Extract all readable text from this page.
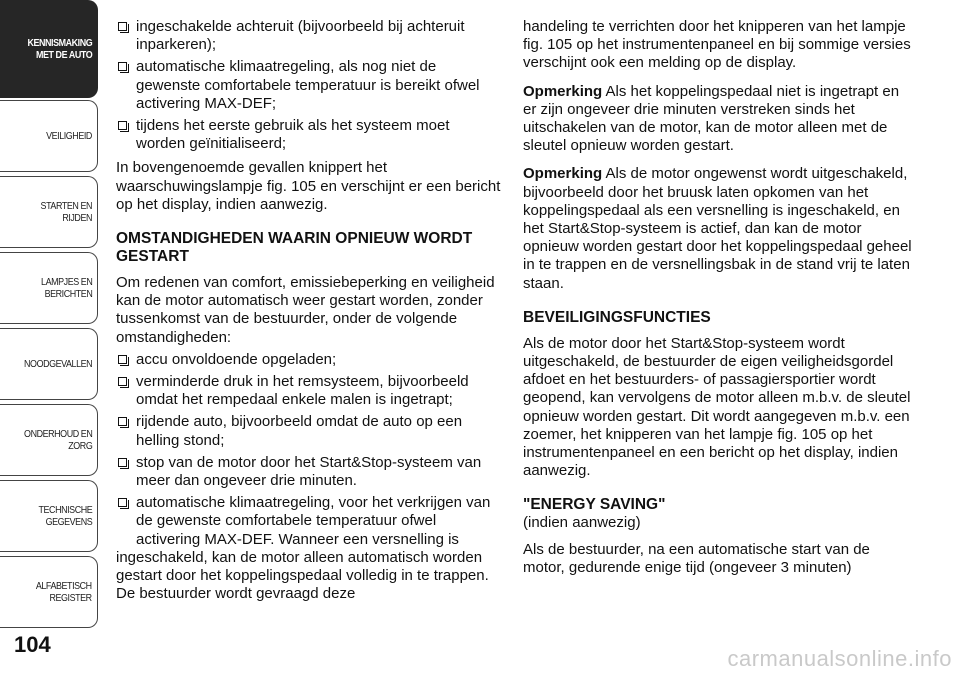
KENNISMAKING
MET DE AUTO
VEILIGHEID
STARTEN EN RIJDEN
LAMPJES EN
BERICHTEN
NOODGEVALLEN
ONDERHOUD EN
ZORG
TECHNISCHE
GEGEVENS
ALFABETISCH
REGISTER
104
ingeschakelde achteruit (bijvoorbeeld bij achteruit inparkeren);
automatische klimaatregeling, als nog niet de gewenste comfortabele temperatuur is bereikt ofwel activering MAX-DEF;
tijdens het eerste gebruik als het systeem moet worden geïnitialiseerd;

In bovengenoemde gevallen knippert het waarschuwingslampje fig. 105 en verschijnt er een bericht op het display, indien aanwezig.

OMSTANDIGHEDEN WAARIN OPNIEUW WORDT GESTART

Om redenen van comfort, emissiebeperking en veiligheid kan de motor automatisch weer gestart worden, zonder tussenkomst van de bestuurder, onder de volgende omstandigheden:

accu onvoldoende opgeladen;
verminderde druk in het remsysteem, bijvoorbeeld omdat het rempedaal enkele malen is ingetrapt;
rijdende auto, bijvoorbeeld omdat de auto op een helling stond;
stop van de motor door het Start&Stop-systeem van meer dan ongeveer drie minuten.
automatische klimaatregeling, voor het verkrijgen van de gewenste comfortabele temperatuur ofwel activering MAX-DEF. Wanneer een versnelling is

ingeschakeld, kan de motor alleen automatisch worden gestart door het koppelingspedaal volledig in te trappen. De bestuurder wordt gevraagd deze

handeling te verrichten door het knipperen van het lampje fig. 105 op het instrumentenpaneel en bij sommige versies verschijnt ook een melding op de display.

Opmerking Als het koppelingspedaal niet is ingetrapt en er zijn ongeveer drie minuten verstreken sinds het uitschakelen van de motor, kan de motor alleen met de sleutel opnieuw worden gestart.

Opmerking Als de motor ongewenst wordt uitgeschakeld, bijvoorbeeld door het bruusk laten opkomen van het koppelingspedaal als een versnelling is ingeschakeld, en het Start&Stop-systeem is actief, dan kan de motor opnieuw worden gestart door het koppelingspedaal geheel in te trappen en de versnellingsbak in de stand vrij te laten staan.

BEVEILIGINGSFUNCTIES

Als de motor door het Start&Stop-systeem wordt uitgeschakeld, de bestuurder de eigen veiligheidsgordel afdoet en het bestuurders- of passagiersportier wordt geopend, kan vervolgens de motor alleen m.b.v. de sleutel opnieuw worden gestart. Dit wordt aangegeven m.b.v. een zoemer, het knipperen van het lampje fig. 105 op het instrumentenpaneel en een bericht op het display, indien aanwezig.

"ENERGY SAVING"

(indien aanwezig)

Als de bestuurder, na een automatische start van de motor, gedurende enige tijd (ongeveer 3 minuten)

carmanualsonline.info
